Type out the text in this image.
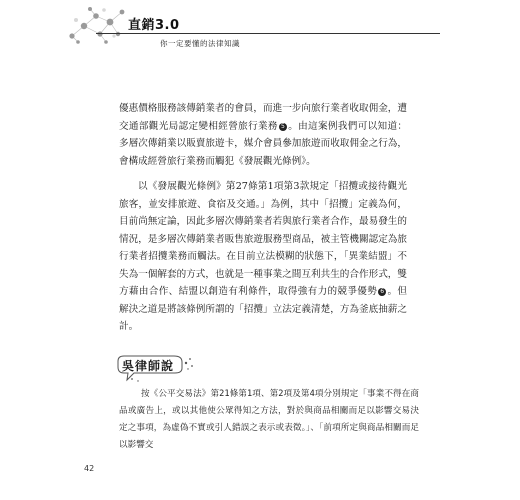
直銷3.0
你一定要懂的法律知識

優惠價格服務該傳銷業者的會員，而進一步向旅行業者收取佣金，遭交通部觀光局認定變相經營旅行業務 5 。由這案例我們可以知道：多層次傳銷業以販賣旅遊卡，媒介會員參加旅遊而收取佣金之行為，會構成經營旅行業務而觸犯《發展觀光條例》。

以《發展觀光條例》第27條第1項第3款規定「招攬或接待觀光旅客，並安排旅遊、食宿及交通。」為例，其中「招攬」定義為何，目前尚無定論，因此多層次傳銷業者若與旅行業者合作，最易發生的情況，是多層次傳銷業者販售旅遊服務型商品，被主管機關認定為旅行業者招攬業務而觸法。在目前立法模糊的狀態下，「異業結盟」不失為一個解套的方式，也就是一種事業之間互利共生的合作形式，雙方藉由合作、結盟以創造有利條件，取得強有力的競爭優勢 6 。但解決之道是將該條例所謂的「招攬」立法定義清楚，方為釜底抽薪之計。

吳律師說

按《公平交易法》第21條第1項、第2項及第4項分別規定「事業不得在商品或廣告上，或以其他使公眾得知之方法，對於與商品相關而足以影響交易決定之事項，為虛偽不實或引人錯誤之表示或表徵。」、「前項所定與商品相關而足以影響交

42
